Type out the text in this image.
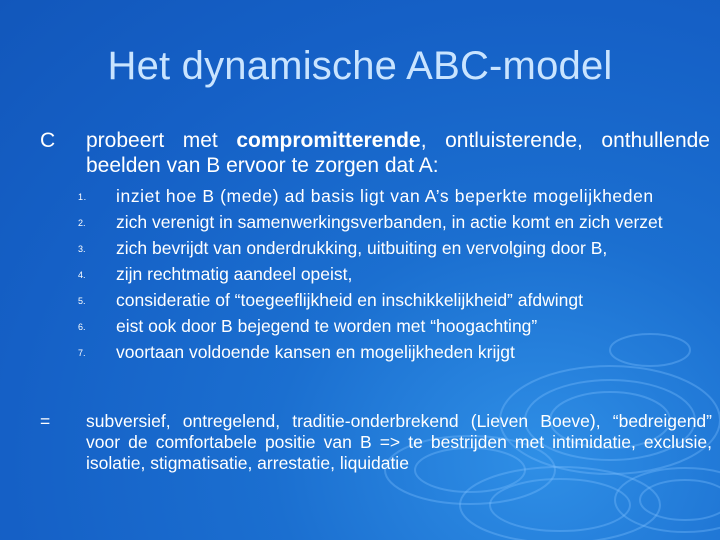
Het dynamische ABC-model
C probeert met compromitterende, ontluisterende, onthullende beelden van B ervoor te zorgen dat A:
1. inziet hoe B (mede) ad basis ligt van A’s beperkte mogelijkheden
2. zich verenigt in samenwerkingsverbanden, in actie komt en zich verzet
3. zich bevrijdt van onderdrukking, uitbuiting en vervolging door B,
4. zijn rechtmatig aandeel opeist,
5. consideratie of “toegeeflijkheid en inschikkelijkheid” afdwingt
6. eist ook door B bejegend te worden met “hoogachting”
7. voortaan voldoende kansen en mogelijkheden krijgt
= subversief, ontregelend, traditie-onderbrekend (Lieven Boeve), “bedreigend” voor de comfortabele positie van B => te bestrijden met intimidatie, exclusie, isolatie, stigmatisatie, arrestatie, liquidatie
